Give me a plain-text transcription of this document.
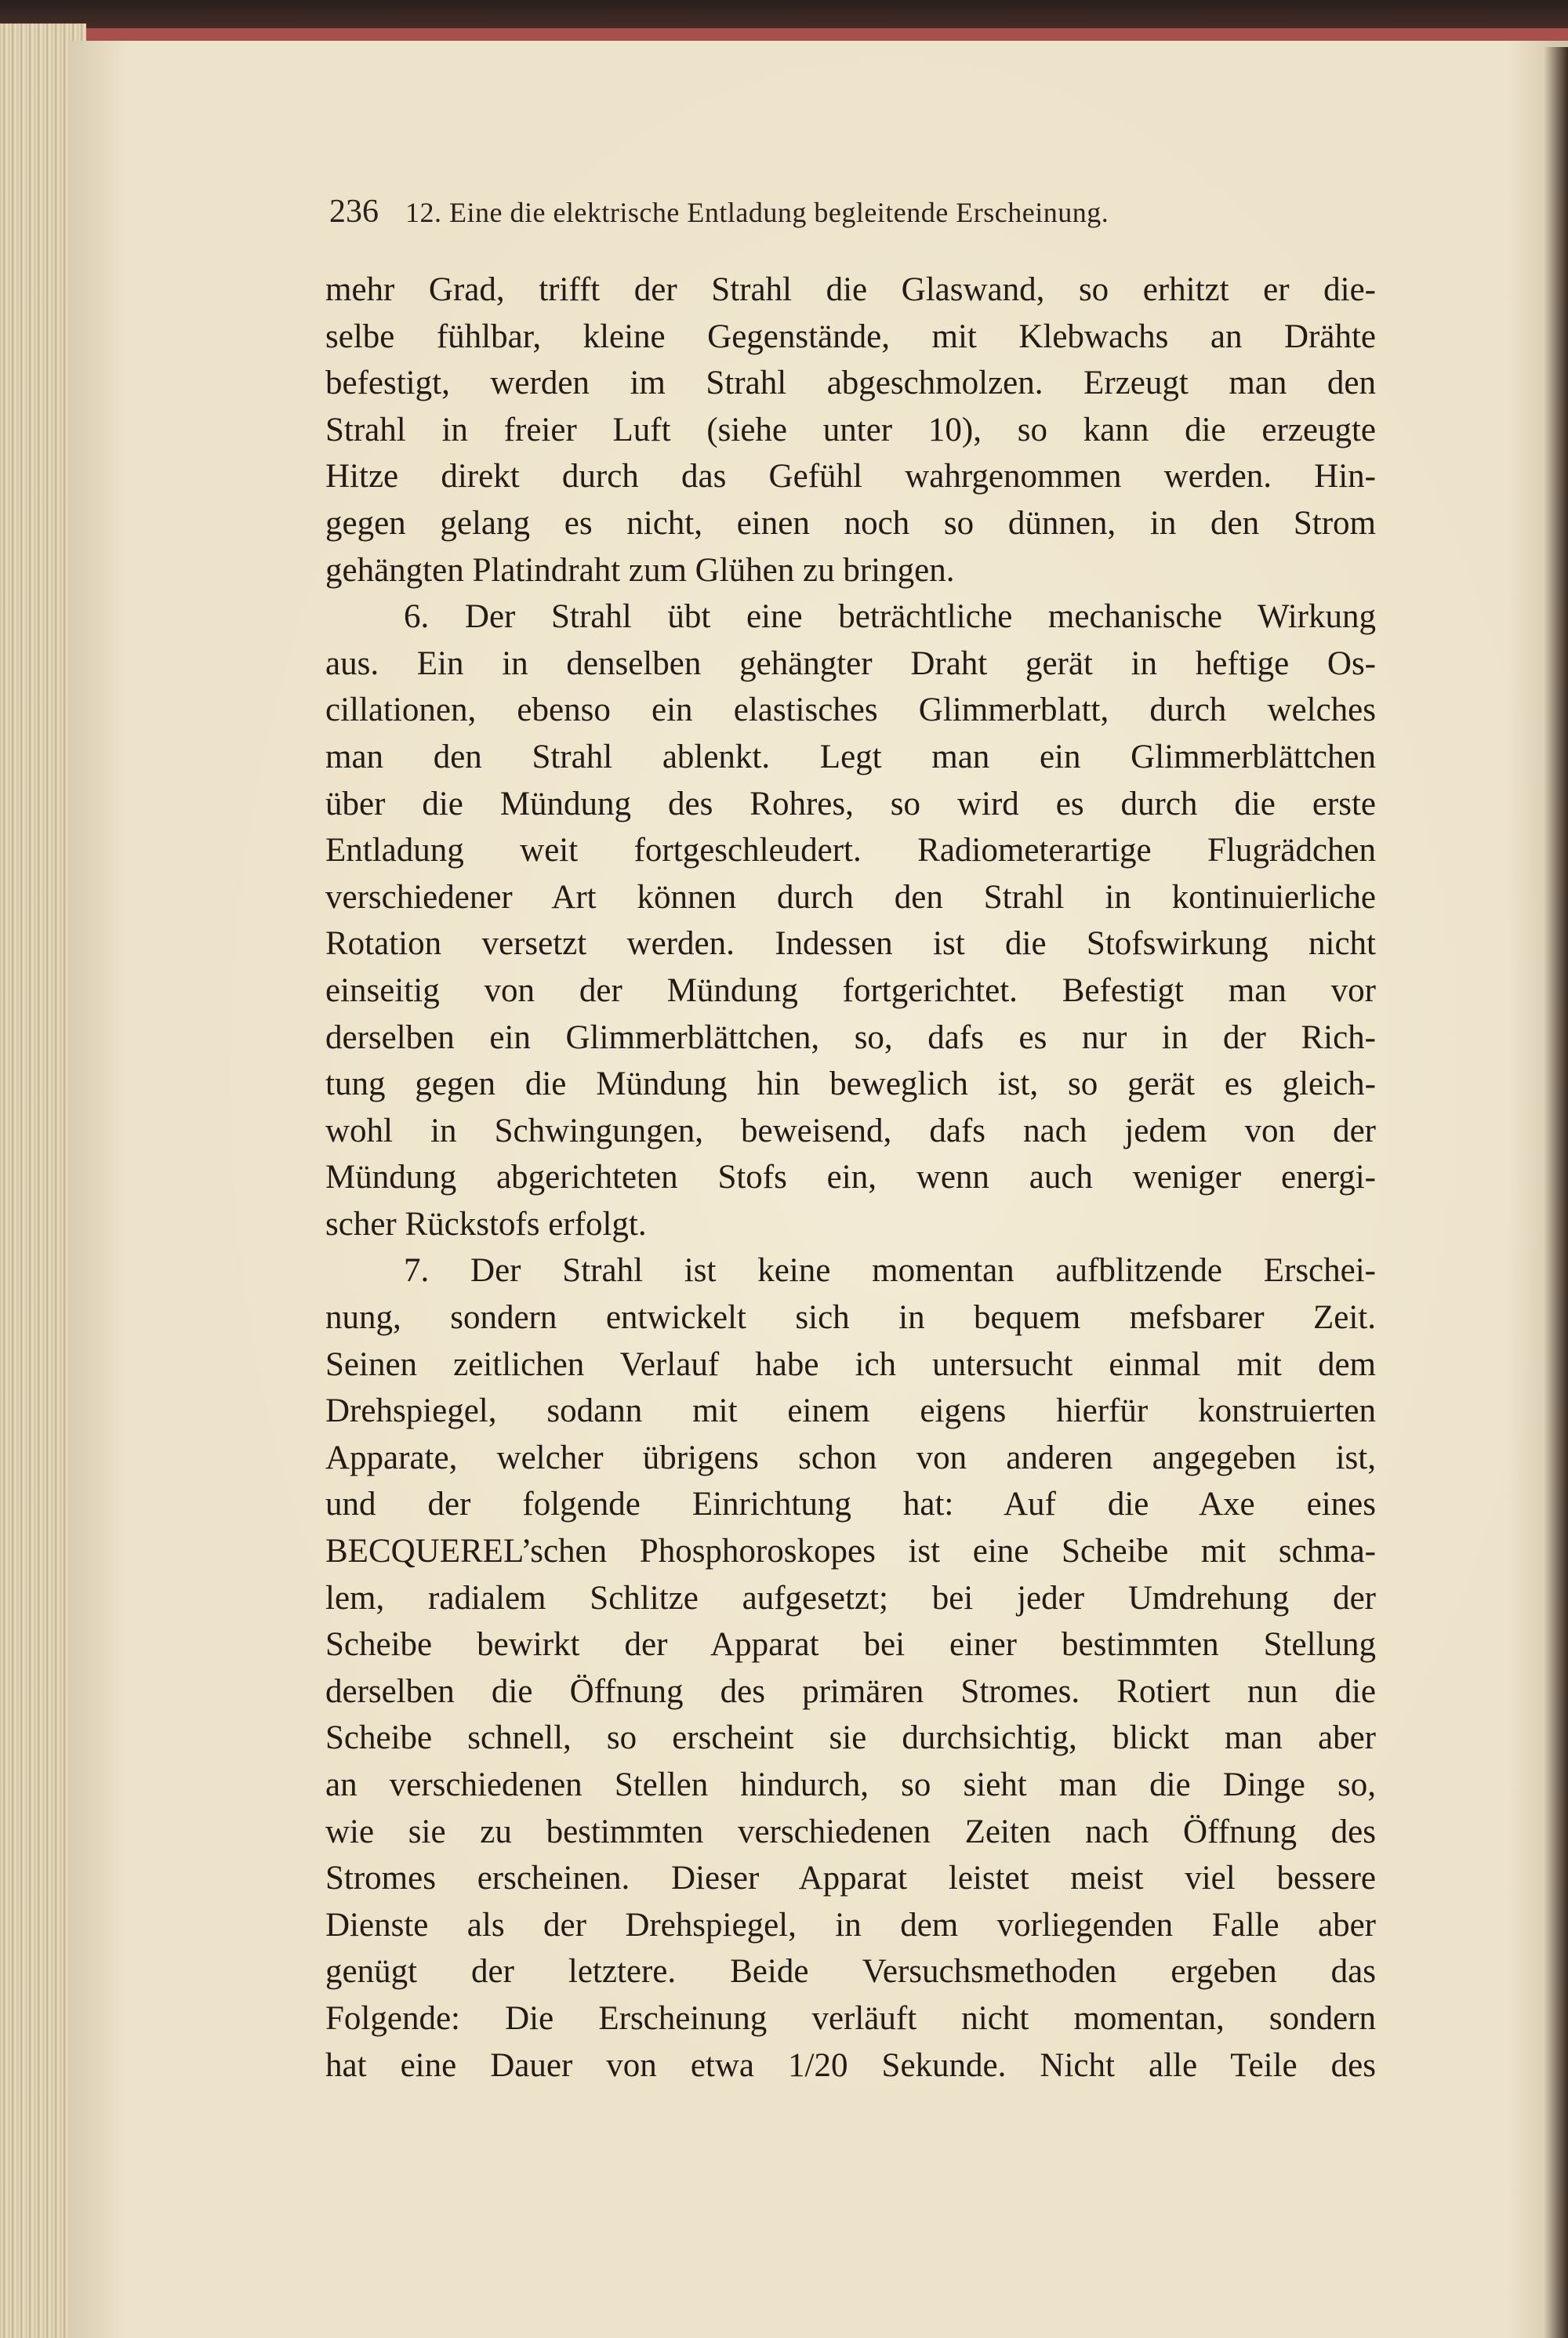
236 12. Eine die elektrische Entladung begleitende Erscheinung.
mehr Grad, trifft der Strahl die Glaswand, so erhitzt er die-
selbe fühlbar, kleine Gegenstände, mit Klebwachs an Drähte
befestigt, werden im Strahl abgeschmolzen. Erzeugt man den
Strahl in freier Luft (siehe unter 10), so kann die erzeugte
Hitze direkt durch das Gefühl wahrgenommen werden. Hin-
gegen gelang es nicht, einen noch so dünnen, in den Strom
gehängten Platindraht zum Glühen zu bringen.
6. Der Strahl übt eine beträchtliche mechanische Wirkung
aus. Ein in denselben gehängter Draht gerät in heftige Os-
cillationen, ebenso ein elastisches Glimmerblatt, durch welches
man den Strahl ablenkt. Legt man ein Glimmerblättchen
über die Mündung des Rohres, so wird es durch die erste
Entladung weit fortgeschleudert. Radiometerartige Flugrädchen
verschiedener Art können durch den Strahl in kontinuierliche
Rotation versetzt werden. Indessen ist die Stofswirkung nicht
einseitig von der Mündung fortgerichtet. Befestigt man vor
derselben ein Glimmerblättchen, so, dafs es nur in der Rich-
tung gegen die Mündung hin beweglich ist, so gerät es gleich-
wohl in Schwingungen, beweisend, dafs nach jedem von der
Mündung abgerichteten Stofs ein, wenn auch weniger energi-
scher Rückstofs erfolgt.
7. Der Strahl ist keine momentan aufblitzende Erschei-
nung, sondern entwickelt sich in bequem mefsbarer Zeit.
Seinen zeitlichen Verlauf habe ich untersucht einmal mit dem
Drehspiegel, sodann mit einem eigens hierfür konstruierten
Apparate, welcher übrigens schon von anderen angegeben ist,
und der folgende Einrichtung hat: Auf die Axe eines
BECQUEREL’schen Phosphoroskopes ist eine Scheibe mit schma-
lem, radialem Schlitze aufgesetzt; bei jeder Umdrehung der
Scheibe bewirkt der Apparat bei einer bestimmten Stellung
derselben die Öffnung des primären Stromes. Rotiert nun die
Scheibe schnell, so erscheint sie durchsichtig, blickt man aber
an verschiedenen Stellen hindurch, so sieht man die Dinge so,
wie sie zu bestimmten verschiedenen Zeiten nach Öffnung des
Stromes erscheinen. Dieser Apparat leistet meist viel bessere
Dienste als der Drehspiegel, in dem vorliegenden Falle aber
genügt der letztere. Beide Versuchsmethoden ergeben das
Folgende: Die Erscheinung verläuft nicht momentan, sondern
hat eine Dauer von etwa 1/20 Sekunde. Nicht alle Teile des
